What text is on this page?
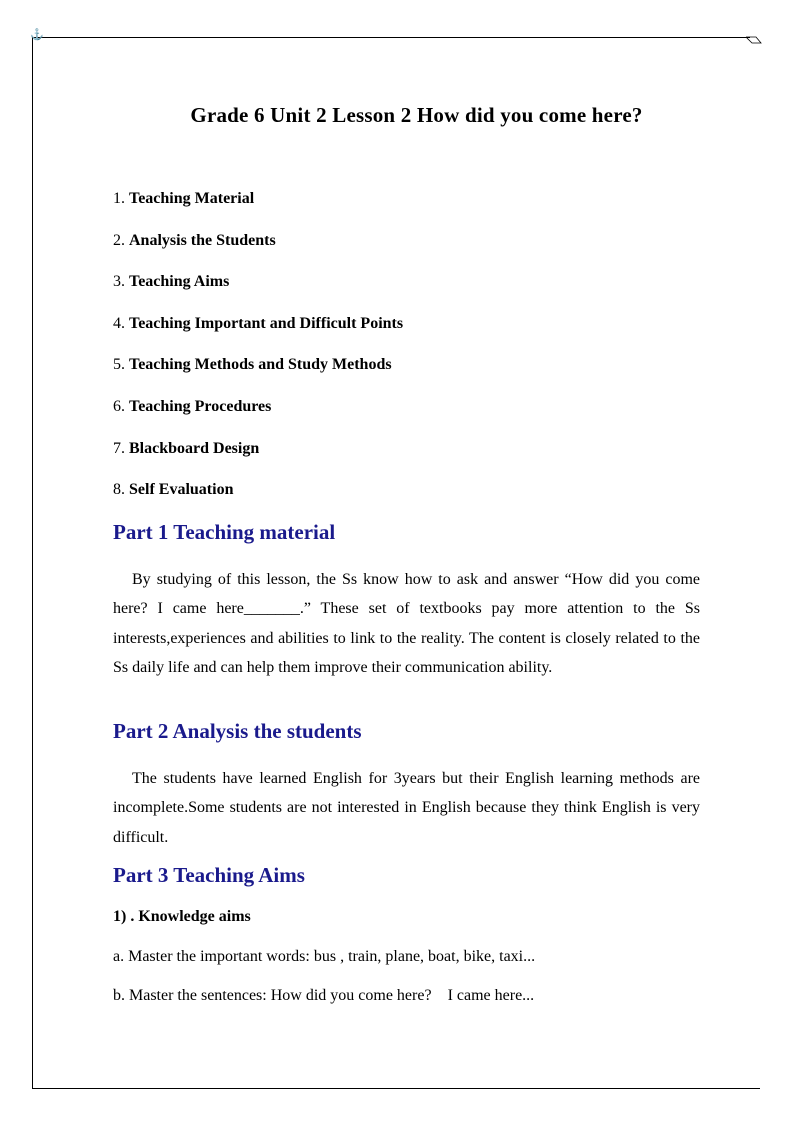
⚓
Grade 6 Unit 2 Lesson 2 How did you come here?
1. Teaching Material
2. Analysis the Students
3. Teaching Aims
4. Teaching Important and Difficult Points
5. Teaching Methods and Study Methods
6. Teaching Procedures
7. Blackboard Design
8. Self Evaluation
Part 1 Teaching material

By studying of this lesson, the Ss know how to ask and answer “How did you come here? I came here_______.” These set of textbooks pay more attention to the Ss interests,experiences and abilities to link to the reality. The content is closely related to the Ss daily life and can help them improve their communication ability.

Part 2 Analysis the students

The students have learned English for 3years but their English learning methods are incomplete.Some students are not interested in English because they think English is very difficult.

Part 3 Teaching Aims

1) . Knowledge aims

a. Master the important words: bus , train, plane, boat, bike, taxi...

b. Master the sentences: How did you come here?    I came here...
